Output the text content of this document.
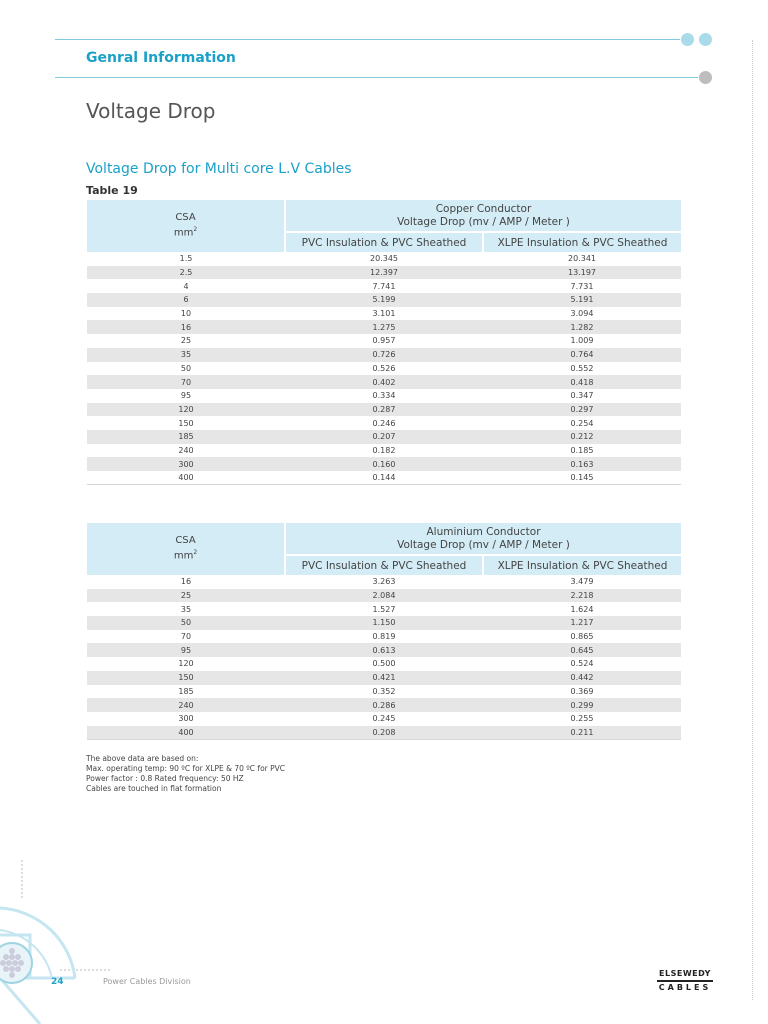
Genral Information
Voltage Drop
Voltage Drop for Multi core L.V Cables
Table 19
CSA
$mm^2$	Copper Conductor
Voltage Drop (mv / AMP / Meter )	
	PVC Insulation & PVC Sheathed	XLPE Insulation & PVC Sheathed
1.5	20.345	20.341
2.5	12.397	13.197
4	7.741	7.731
6	5.199	5.191
10	3.101	3.094
16	1.275	1.282
25	0.957	1.009
35	0.726	0.764
50	0.526	0.552
70	0.402	0.418
95	0.334	0.347
120	0.287	0.297
150	0.246	0.254
185	0.207	0.212
240	0.182	0.185
300	0.160	0.163
400	0.144	0.145
CSA
$mm^2$	Aluminium Conductor
Voltage Drop (mv / AMP / Meter )	
	PVC Insulation & PVC Sheathed	XLPE Insulation & PVC Sheathed
16	3.263	3.479
25	2.084	2.218
35	1.527	1.624
50	1.150	1.217
70	0.819	0.865
95	0.613	0.645
120	0.500	0.524
150	0.421	0.442
185	0.352	0.369
240	0.286	0.299
300	0.245	0.255
400	0.208	0.211
The above data are based on:
Max. operating temp: 90 ºC for XLPE & 70 ºC for PVC
Power factor : 0.8 Rated frequency: 50 HZ
Cables are touched in flat formation
24	Power Cables Division
ELSEWEDY
CABLES
